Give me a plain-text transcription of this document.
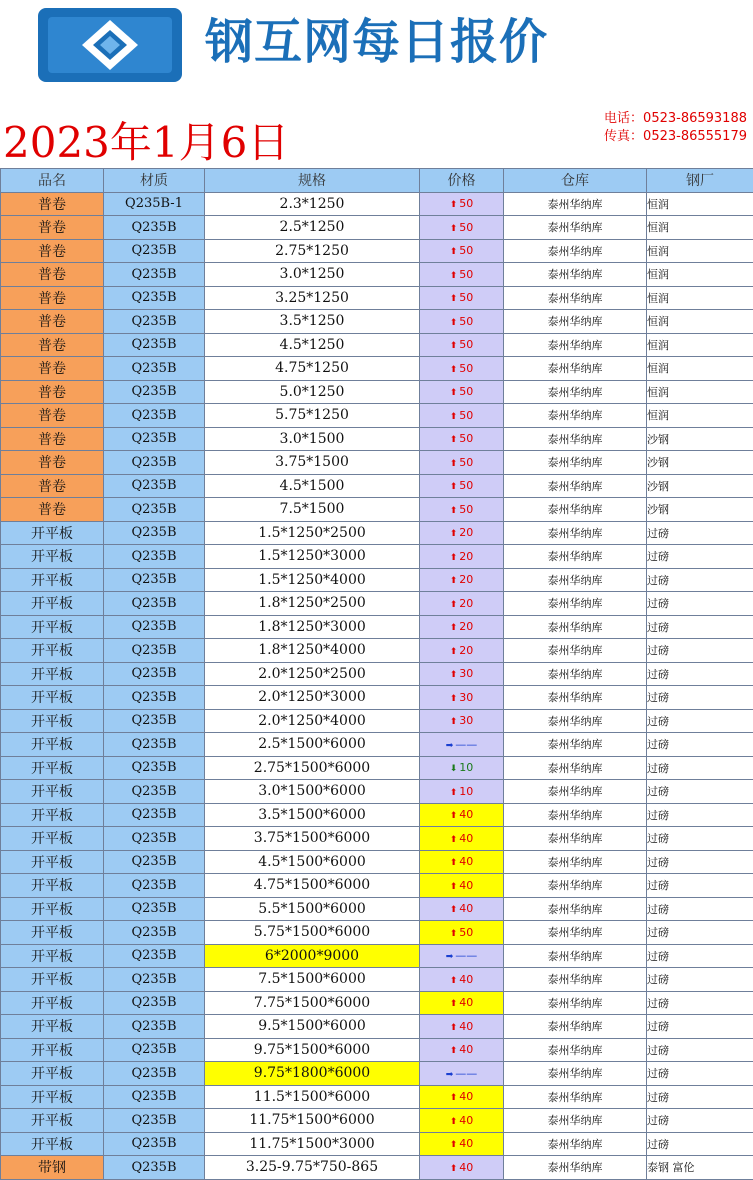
钢互网每日报价
2023年1月6日	电话：0523-86593188
传真：0523-86555179
品名	材质	规格	价格	仓库	钢厂
普卷	Q235B-1	2.3*1250	⬆ 50	泰州华纳库	恒润
普卷	Q235B	2.5*1250	⬆ 50	泰州华纳库	恒润
普卷	Q235B	2.75*1250	⬆ 50	泰州华纳库	恒润
普卷	Q235B	3.0*1250	⬆ 50	泰州华纳库	恒润
普卷	Q235B	3.25*1250	⬆ 50	泰州华纳库	恒润
普卷	Q235B	3.5*1250	⬆ 50	泰州华纳库	恒润
普卷	Q235B	4.5*1250	⬆ 50	泰州华纳库	恒润
普卷	Q235B	4.75*1250	⬆ 50	泰州华纳库	恒润
普卷	Q235B	5.0*1250	⬆ 50	泰州华纳库	恒润
普卷	Q235B	5.75*1250	⬆ 50	泰州华纳库	恒润
普卷	Q235B	3.0*1500	⬆ 50	泰州华纳库	沙钢
普卷	Q235B	3.75*1500	⬆ 50	泰州华纳库	沙钢
普卷	Q235B	4.5*1500	⬆ 50	泰州华纳库	沙钢
普卷	Q235B	7.5*1500	⬆ 50	泰州华纳库	沙钢
开平板	Q235B	1.5*1250*2500	⬆ 20	泰州华纳库	过磅
开平板	Q235B	1.5*1250*3000	⬆ 20	泰州华纳库	过磅
开平板	Q235B	1.5*1250*4000	⬆ 20	泰州华纳库	过磅
开平板	Q235B	1.8*1250*2500	⬆ 20	泰州华纳库	过磅
开平板	Q235B	1.8*1250*3000	⬆ 20	泰州华纳库	过磅
开平板	Q235B	1.8*1250*4000	⬆ 20	泰州华纳库	过磅
开平板	Q235B	2.0*1250*2500	⬆ 30	泰州华纳库	过磅
开平板	Q235B	2.0*1250*3000	⬆ 30	泰州华纳库	过磅
开平板	Q235B	2.0*1250*4000	⬆ 30	泰州华纳库	过磅
开平板	Q235B	2.5*1500*6000	➡ ——	泰州华纳库	过磅
开平板	Q235B	2.75*1500*6000	⬇ 10	泰州华纳库	过磅
开平板	Q235B	3.0*1500*6000	⬆ 10	泰州华纳库	过磅
开平板	Q235B	3.5*1500*6000	⬆ 40	泰州华纳库	过磅
开平板	Q235B	3.75*1500*6000	⬆ 40	泰州华纳库	过磅
开平板	Q235B	4.5*1500*6000	⬆ 40	泰州华纳库	过磅
开平板	Q235B	4.75*1500*6000	⬆ 40	泰州华纳库	过磅
开平板	Q235B	5.5*1500*6000	⬆ 40	泰州华纳库	过磅
开平板	Q235B	5.75*1500*6000	⬆ 50	泰州华纳库	过磅
开平板	Q235B	6*2000*9000	➡ ——	泰州华纳库	过磅
开平板	Q235B	7.5*1500*6000	⬆ 40	泰州华纳库	过磅
开平板	Q235B	7.75*1500*6000	⬆ 40	泰州华纳库	过磅
开平板	Q235B	9.5*1500*6000	⬆ 40	泰州华纳库	过磅
开平板	Q235B	9.75*1500*6000	⬆ 40	泰州华纳库	过磅
开平板	Q235B	9.75*1800*6000	➡ ——	泰州华纳库	过磅
开平板	Q235B	11.5*1500*6000	⬆ 40	泰州华纳库	过磅
开平板	Q235B	11.75*1500*6000	⬆ 40	泰州华纳库	过磅
开平板	Q235B	11.75*1500*3000	⬆ 40	泰州华纳库	过磅
带钢	Q235B	3.25-9.75*750-865	⬆ 40	泰州华纳库	泰钢 富伦
